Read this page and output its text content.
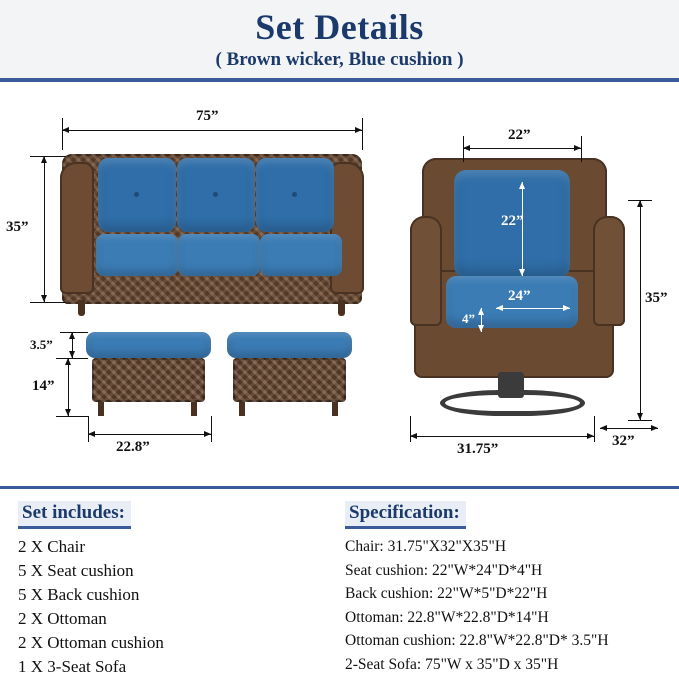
Set Details
( Brown wicker, Blue cushion )
75”
35”
3.5”
14”
22.8”
22”
22”
24”
4”
35”
31.75”	32”
Set includes:
2 X Chair
5 X Seat cushion
5 X Back cushion
2 X Ottoman
2 X Ottoman cushion
1 X 3-Seat Sofa
Specification:
Chair: 31.75"X32"X35"H
Seat cushion: 22"W*24"D*4"H
Back cushion: 22"W*5"D*22"H
Ottoman: 22.8"W*22.8"D*14"H
Ottoman cushion: 22.8"W*22.8"D* 3.5"H
2-Seat Sofa: 75"W x 35"D x 35"H
